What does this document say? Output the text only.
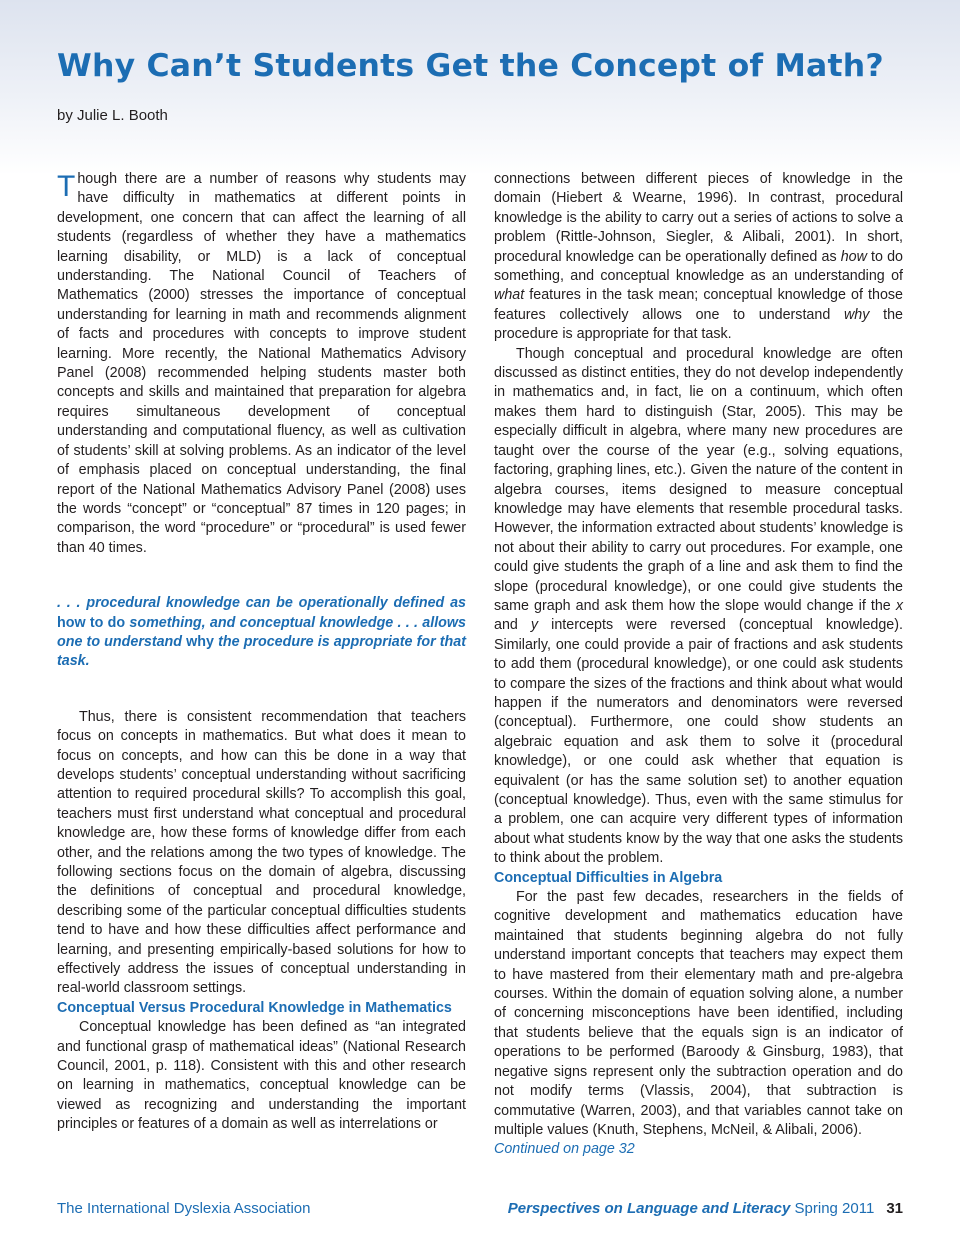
Why Can’t Students Get the Concept of Math?

by Julie L. Booth

Though there are a number of reasons why students may have difficulty in mathematics at different points in development, one concern that can affect the learning of all students (regardless of whether they have a mathematics learning disability, or MLD) is a lack of conceptual understanding. The National Council of Teachers of Mathematics (2000) stresses the importance of conceptual understanding for learning in math and recommends alignment of facts and procedures with concepts to improve student learning. More recently, the National Mathematics Advisory Panel (2008) recommended helping students master both concepts and skills and maintained that preparation for algebra requires simultaneous development of conceptual understanding and computational fluency, as well as cultivation of students’ skill at solving problems. As an indicator of the level of emphasis placed on conceptual understanding, the final report of the National Mathematics Advisory Panel (2008) uses the words “concept” or “conceptual” 87 times in 120 pages; in comparison, the word “procedure” or “procedural” is used fewer than 40 times.

. . . procedural knowledge can be operationally defined as how to do something, and conceptual knowledge . . . allows one to understand why the procedure is appropriate for that task.

Thus, there is consistent recommendation that teachers focus on concepts in mathematics. But what does it mean to focus on concepts, and how can this be done in a way that develops students’ conceptual understanding without sacrificing attention to required procedural skills? To accomplish this goal, teachers must first understand what conceptual and procedural knowledge are, how these forms of knowledge differ from each other, and the relations among the two types of knowledge. The following sections focus on the domain of algebra, discussing the definitions of conceptual and procedural knowledge, describing some of the particular conceptual difficulties students tend to have and how these difficulties affect performance and learning, and presenting empirically-based solutions for how to effectively address the issues of conceptual understanding in real-world classroom settings.

Conceptual Versus Procedural Knowledge in Mathematics

Conceptual knowledge has been defined as “an integrated and functional grasp of mathematical ideas” (National Research Council, 2001, p. 118). Consistent with this and other research on learning in mathematics, conceptual knowledge can be viewed as recognizing and understanding the important principles or features of a domain as well as interrelations or

connections between different pieces of knowledge in the domain (Hiebert & Wearne, 1996). In contrast, procedural knowledge is the ability to carry out a series of actions to solve a problem (Rittle-Johnson, Siegler, & Alibali, 2001). In short, procedural knowledge can be operationally defined as how to do something, and conceptual knowledge as an understanding of what features in the task mean; conceptual knowledge of those features collectively allows one to understand why the procedure is appropriate for that task.

Though conceptual and procedural knowledge are often discussed as distinct entities, they do not develop independently in mathematics and, in fact, lie on a continuum, which often makes them hard to distinguish (Star, 2005). This may be especially difficult in algebra, where many new procedures are taught over the course of the year (e.g., solving equations, factoring, graphing lines, etc.). Given the nature of the content in algebra courses, items designed to measure conceptual knowledge may have elements that resemble procedural tasks. However, the information extracted about students’ knowledge is not about their ability to carry out procedures. For example, one could give students the graph of a line and ask them to find the slope (procedural knowledge), or one could give students the same graph and ask them how the slope would change if the x and y intercepts were reversed (conceptual knowledge). Similarly, one could provide a pair of fractions and ask students to add them (procedural knowledge), or one could ask students to compare the sizes of the fractions and think about what would happen if the numerators and denominators were reversed (conceptual). Furthermore, one could show students an algebraic equation and ask them to solve it (procedural knowledge), or one could ask whether that equation is equivalent (or has the same solution set) to another equation (conceptual knowledge). Thus, even with the same stimulus for a problem, one can acquire very different types of information about what students know by the way that one asks the students to think about the problem.

Conceptual Difficulties in Algebra

For the past few decades, researchers in the fields of cognitive development and mathematics education have maintained that students beginning algebra do not fully understand important concepts that teachers may expect them to have mastered from their elementary math and pre-algebra courses. Within the domain of equation solving alone, a number of concerning misconceptions have been identified, including that students believe that the equals sign is an indicator of operations to be performed (Baroody & Ginsburg, 1983), that negative signs represent only the subtraction operation and do not modify terms (Vlassis, 2004), that subtraction is commutative (Warren, 2003), and that variables cannot take on multiple values (Knuth, Stephens, McNeil, & Alibali, 2006).

Continued on page 32

The International Dyslexia Association	Perspectives on Language and Literacy Spring 2011 31
